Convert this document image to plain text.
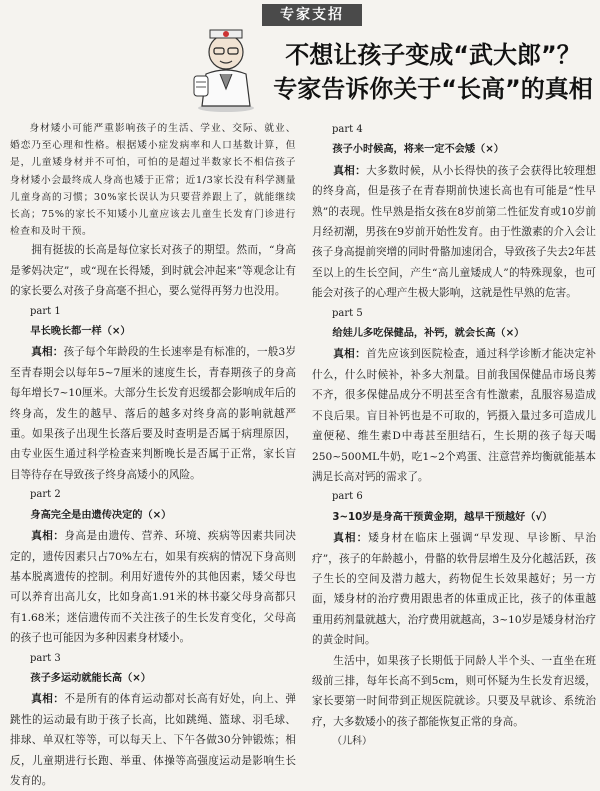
专家支招
不想让孩子变成“武大郎”？
专家告诉你关于“长高”的真相

身材矮小可能严重影响孩子的生活、学业、交际、就业、婚恋乃至心理和性格。根据矮小症发病率和人口基数计算，但是，儿童矮身材并不可怕，可怕的是超过半数家长不相信孩子身材矮小会最终成人身高也矮于正常；近1/3家长没有科学测量儿童身高的习惯；30%家长误认为只要营养跟上了，就能继续长高；75%的家长不知矮小儿童应该去儿童生长发育门诊进行检查和及时干预。

拥有挺拔的长高是每位家长对孩子的期望。然而，“身高是爹妈决定”，或“现在长得矮，到时就会冲起来”等观念让有的家长要么对孩子身高毫不担心，要么觉得再努力也没用。

part 1

早长晚长都一样（×）

真相：孩子每个年龄段的生长速率是有标准的，一般3岁至青春期会以每年5~7厘米的速度生长，青春期孩子的身高每年增长7~10厘米。大部分生长发育迟缓都会影响成年后的终身高，发生的越早、落后的越多对终身高的影响就越严重。如果孩子出现生长落后要及时查明是否属于病理原因，由专业医生通过科学检查来判断晚长是否属于正常，家长盲目等待存在导致孩子终身高矮小的风险。

part 2

身高完全是由遗传决定的（×）

真相：身高是由遗传、营养、环境、疾病等因素共同决定的，遗传因素只占70%左右，如果有疾病的情况下身高则基本脱离遗传的控制。利用好遗传外的其他因素，矮父母也可以养育出高儿女，比如身高1.91米的林书豪父母身高都只有1.68米；迷信遗传而不关注孩子的生长发育变化，父母高的孩子也可能因为多种因素身材矮小。

part 3

孩子多运动就能长高（×）

真相：不是所有的体育运动都对长高有好处，向上、弹跳性的运动最有助于孩子长高，比如跳绳、篮球、羽毛球、排球、单双杠等等，可以每天上、下午各做30分钟锻炼；相反，儿童期进行长跑、举重、体操等高强度运动是影响生长发育的。

part 4

孩子小时候高，将来一定不会矮（×）

真相：大多数时候，从小长得快的孩子会获得比较理想的终身高，但是孩子在青春期前快速长高也有可能是“性早熟”的表现。性早熟是指女孩在8岁前第二性征发育或10岁前月经初潮，男孩在9岁前开始性发育。由于性激素的介入会让孩子身高提前突增的同时骨骼加速闭合，导致孩子失去2年甚至以上的生长空间，产生“高儿童矮成人”的特殊现象，也可能会对孩子的心理产生极大影响，这就是性早熟的危害。

part 5

给娃儿多吃保健品，补钙，就会长高（×）

真相：首先应该到医院检查，通过科学诊断才能决定补什么，什么时候补，补多大剂量。目前我国保健品市场良莠不齐，很多保健品成分不明甚至含有性激素，乱服容易造成不良后果。盲目补钙也是不可取的，钙摄入量过多可造成儿童便秘、维生素D中毒甚至胆结石，生长期的孩子每天喝250~500ML牛奶，吃1~2个鸡蛋、注意营养均衡就能基本满足长高对钙的需求了。

part 6

3~10岁是身高干预黄金期，越早干预越好（√）

真相：矮身材在临床上强调“早发现、早诊断、早治疗”，孩子的年龄越小，骨骼的软骨层增生及分化越活跃，孩子生长的空间及潜力越大，药物促生长效果越好；另一方面，矮身材的治疗费用跟患者的体重成正比，孩子的体重越重用药剂量就越大，治疗费用就越高，3~10岁是矮身材治疗的黄金时间。

生活中，如果孩子长期低于同龄人半个头、一直坐在班级前三排，每年长高不到5cm，则可怀疑为生长发育迟缓，家长要第一时间带到正规医院就诊。只要及早就诊、系统治疗，大多数矮小的孩子都能恢复正常的身高。

（儿科）
